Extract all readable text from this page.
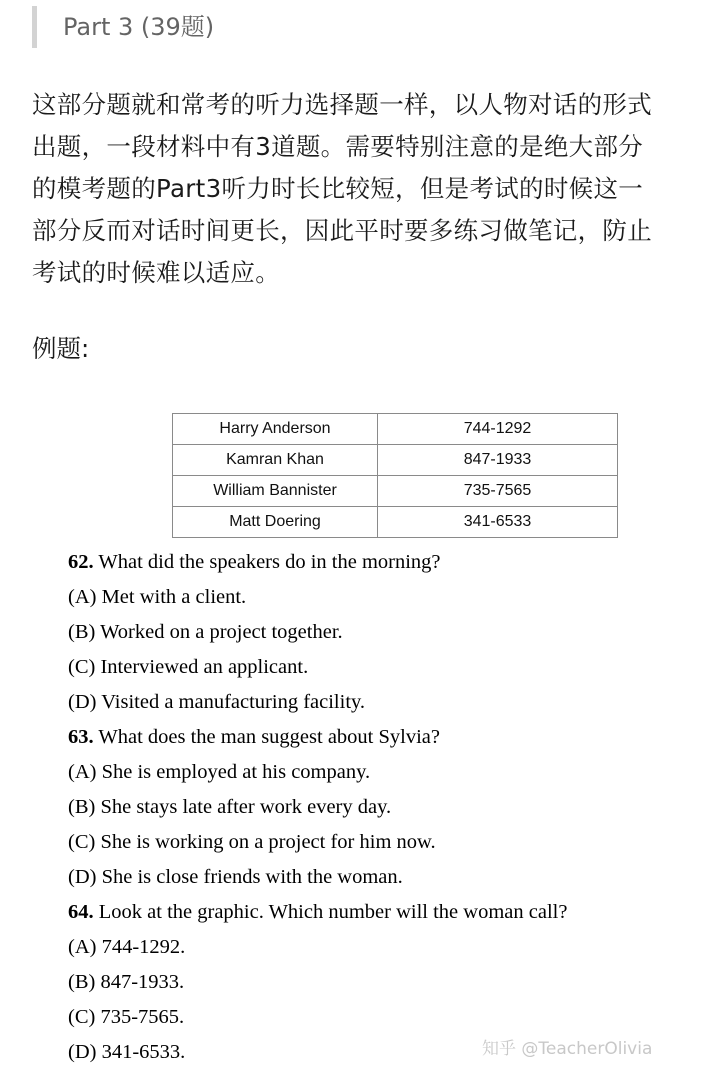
Part 3 (39题)
这部分题就和常考的听力选择题一样，以人物对话的形式
出题，一段材料中有3道题。需要特别注意的是绝大部分
的模考题的Part3听力时长比较短，但是考试的时候这一
部分反而对话时间更长，因此平时要多练习做笔记，防止
考试的时候难以适应。
例题:
Harry Anderson	744-1292
Kamran Khan	847-1933
William Bannister	735-7565
Matt Doering	341-6533
62. What did the speakers do in the morning?
(A) Met with a client.
(B) Worked on a project together.
(C) Interviewed an applicant.
(D) Visited a manufacturing facility.
63. What does the man suggest about Sylvia?
(A) She is employed at his company.
(B) She stays late after work every day.
(C) She is working on a project for him now.
(D) She is close friends with the woman.
64. Look at the graphic. Which number will the woman call?
(A) 744-1292.
(B) 847-1933.
(C) 735-7565.
(D) 341-6533.	知乎 @TeacherOlivia
